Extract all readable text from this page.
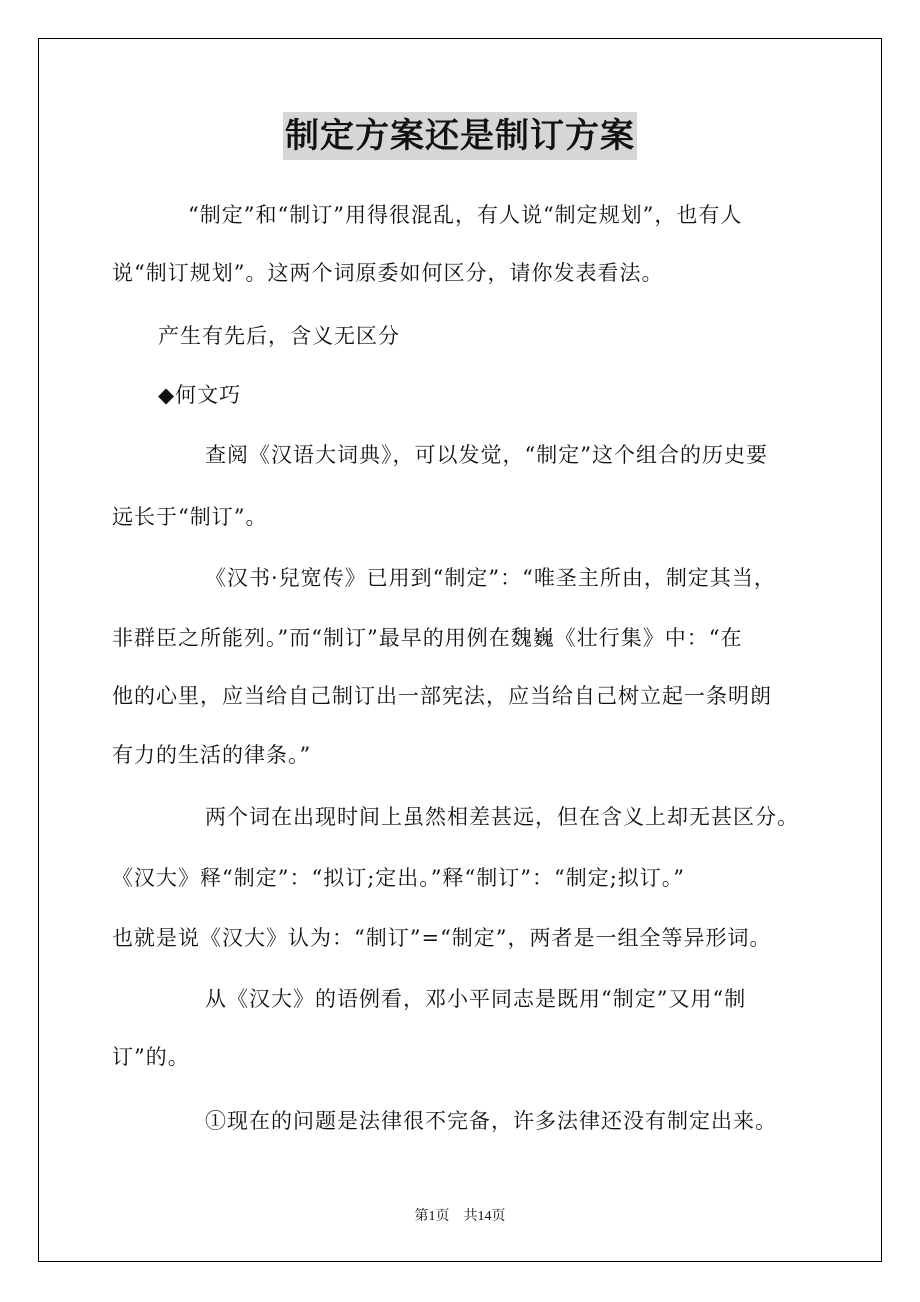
制定方案还是制订方案
“制定”和“制订”用得很混乱，有人说“制定规划”，也有人
说“制订规划”。这两个词原委如何区分，请你发表看法。
产生有先后，含义无区分
◆何文巧
查阅《汉语大词典》，可以发觉，“制定”这个组合的历史要
远长于“制订”。
《汉书·兒宽传》已用到“制定”：“唯圣主所由，制定其当，
非群臣之所能列。”而“制订”最早的用例在魏巍《壮行集》中：“在
他的心里，应当给自己制订出一部宪法，应当给自己树立起一条明朗
有力的生活的律条。”
两个词在出现时间上虽然相差甚远，但在含义上却无甚区分。
《汉大》释“制定”：“拟订;定出。”释“制订”：“制定;拟订。”
也就是说《汉大》认为：“制订”=“制定”，两者是一组全等异形词。
从《汉大》的语例看，邓小平同志是既用“制定”又用“制
订”的。
①现在的问题是法律很不完备，许多法律还没有制定出来。
第1页　共14页
